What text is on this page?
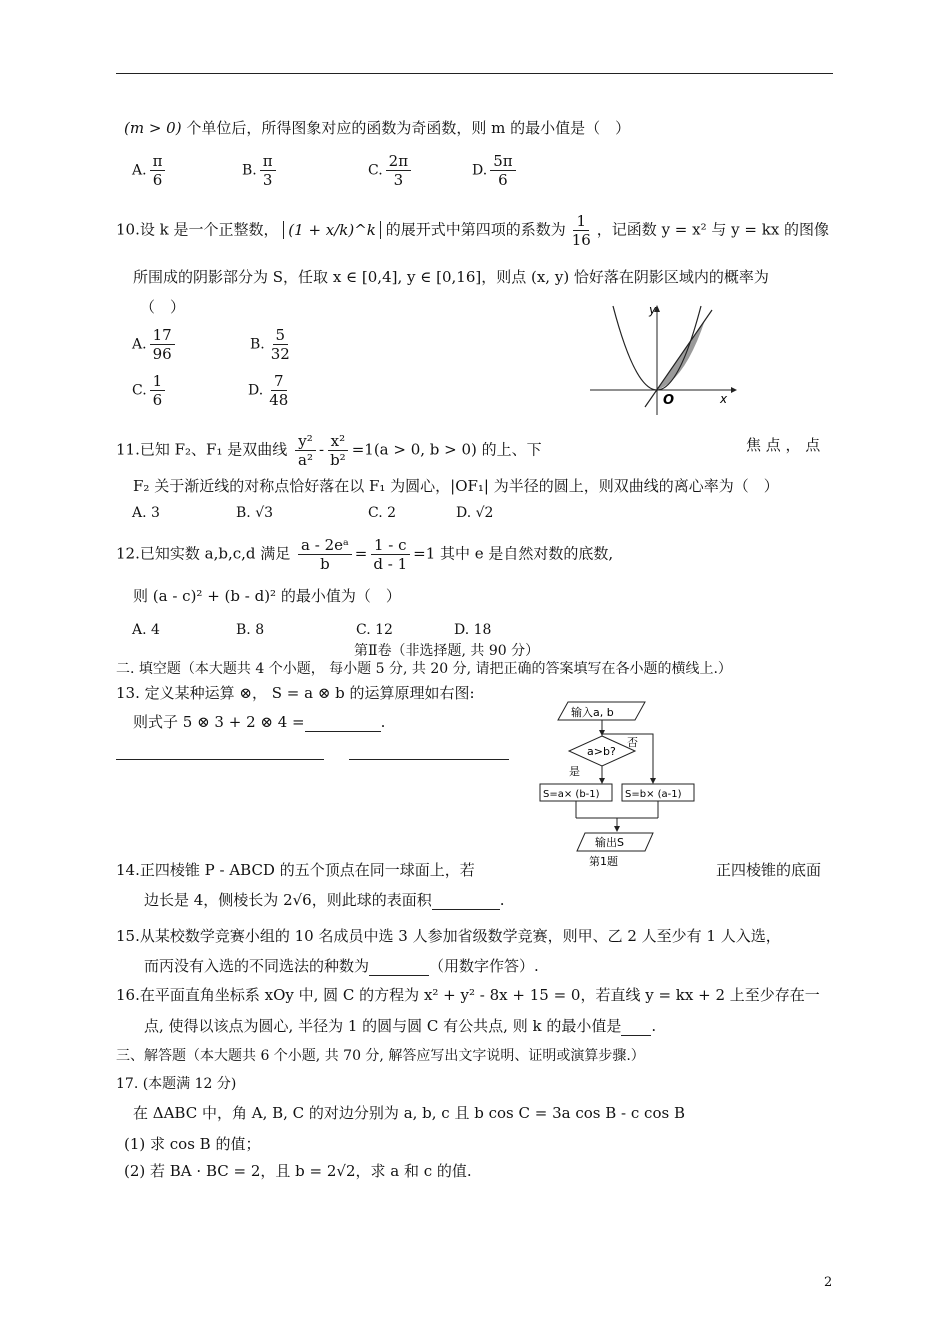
(m > 0) 个单位后，所得图象对应的函数为奇函数，则 m 的最小值是（　）
A. $\frac{\pi}{6}$	B. $\frac{\pi}{3}$	C. $\frac{2\pi}{3}$	D. $\frac{5\pi}{6}$
10.设 k 是一个正整数， (1 + x/k)^k 的展开式中第四项的系数为 $\frac{1}{16}$ ，记函数 y = x² 与 y = kx 的图像
所围成的阴影部分为 S，任取 x ∈ [0,4], y ∈ [0,16]，则点 (x, y) 恰好落在阴影区域内的概率为
（　）
A. $\frac{17}{96}$	B. $\frac{5}{32}$
C. $\frac{1}{6}$	D. $\frac{7}{48}$
y
x
O
11.已知 F₂、F₁ 是双曲线 $\frac{\text{y²}}{\text{a²}} - \frac{\text{x²}}{\text{b²}} =1(a > 0$, b > 0) 的上、下	焦 点 ， 点
F₂ 关于渐近线的对称点恰好落在以 F₁ 为圆心，|OF₁| 为半径的圆上，则双曲线的离心率为（　）
A. 3	B. √3	C. 2	D. √2
12.已知实数 a,b,c,d 满足 $\frac{\text{a - 2eᵃ}}{b} = \frac{1 - c}{d - 1} =1$ 其中 e 是自然对数的底数,
则 (a - c)² + (b - d)² 的最小值为（　）
A. 4	B. 8	C. 12	D. 18
第Ⅱ卷（非选择题, 共 90 分）
二. 填空题（本大题共 4 个小题， 每小题 5 分, 共 20 分, 请把正确的答案填写在各小题的横线上.）
13. 定义某种运算 ⊗， S = a ⊗ b 的运算原理如右图:
则式子 5 ⊗ 3 + 2 ⊗ 4 =	.
输入a, b
a>b?
否
是
S=a× (b-1)	S=b× (a-1)
输出S
第1题
14.正四棱锥 P - ABCD 的五个顶点在同一球面上，若	正四棱锥的底面
边长是 4，侧棱长为 2√6，则此球的表面积	.
15.从某校数学竞赛小组的 10 名成员中选 3 人参加省级数学竞赛，则甲、乙 2 人至少有 1 人入选，
而丙没有入选的不同选法的种数为	（用数字作答）.
16.在平面直角坐标系 xOy 中, 圆 C 的方程为 x² + y² - 8x + 15 = 0，若直线 y = kx + 2 上至少存在一
点, 使得以该点为圆心, 半径为 1 的圆与圆 C 有公共点, 则 k 的最小值是 .
三、解答题（本大题共 6 个小题, 共 70 分, 解答应写出文字说明、证明或演算步骤.）
17. (本题满 12 分)
在 ΔABC 中，角 A, B, C 的对边分别为 a, b, c 且 b cos C = 3a cos B - c cos B
(1) 求 cos B 的值；
(2) 若 BA · BC = 2，且 b = 2√2，求 a 和 c 的值.
2
